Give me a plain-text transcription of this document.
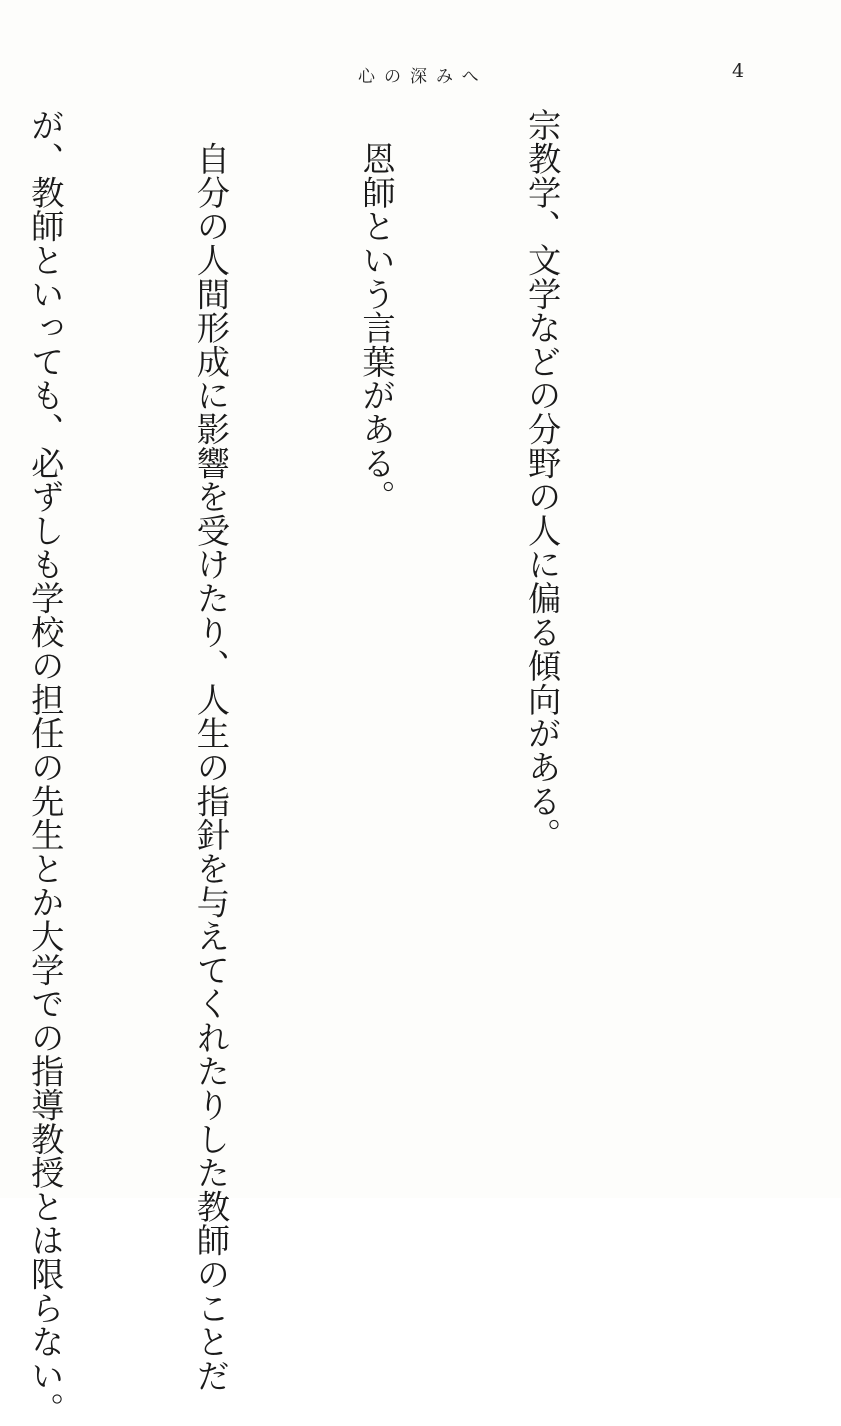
心の深みへ	4

宗教学、文学などの分野の人に偏る傾向がある。

　恩師という言葉がある。

　自分の人間形成に影響を受けたり、人生の指針を与えてくれたりした教師のことだ

が、教師といっても、必ずしも学校の担任の先生とか大学での指導教授とは限らない。
